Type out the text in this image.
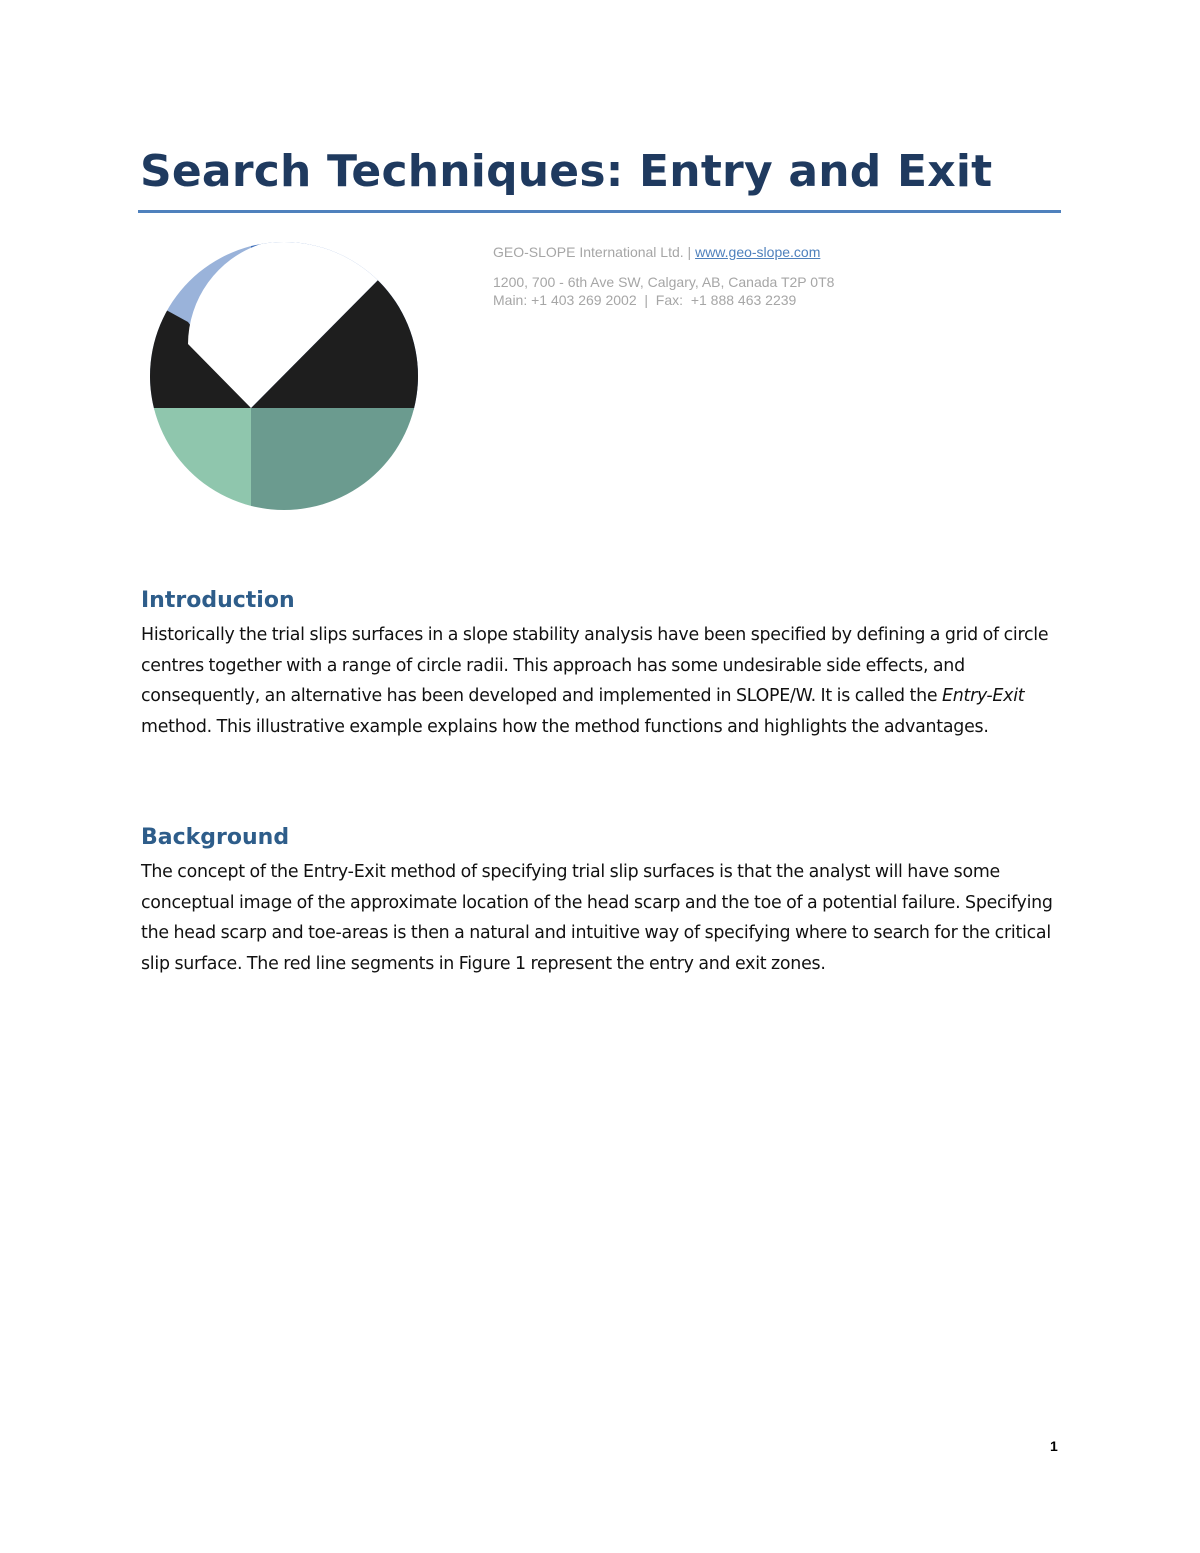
Search Techniques: Entry and Exit
GEO-SLOPE International Ltd. | www.geo-slope.com
1200, 700 - 6th Ave SW, Calgary, AB, Canada T2P 0T8
Main: +1 403 269 2002  |  Fax:  +1 888 463 2239
Introduction

Historically the trial slips surfaces in a slope stability analysis have been specified by defining a grid of circle centres together with a range of circle radii. This approach has some undesirable side effects, and consequently, an alternative has been developed and implemented in SLOPE/W. It is called the Entry-Exit method. This illustrative example explains how the method functions and highlights the advantages.

Background

The concept of the Entry-Exit method of specifying trial slip surfaces is that the analyst will have some conceptual image of the approximate location of the head scarp and the toe of a potential failure. Specifying the head scarp and toe-areas is then a natural and intuitive way of specifying where to search for the critical slip surface. The red line segments in Figure 1 represent the entry and exit zones.

1
